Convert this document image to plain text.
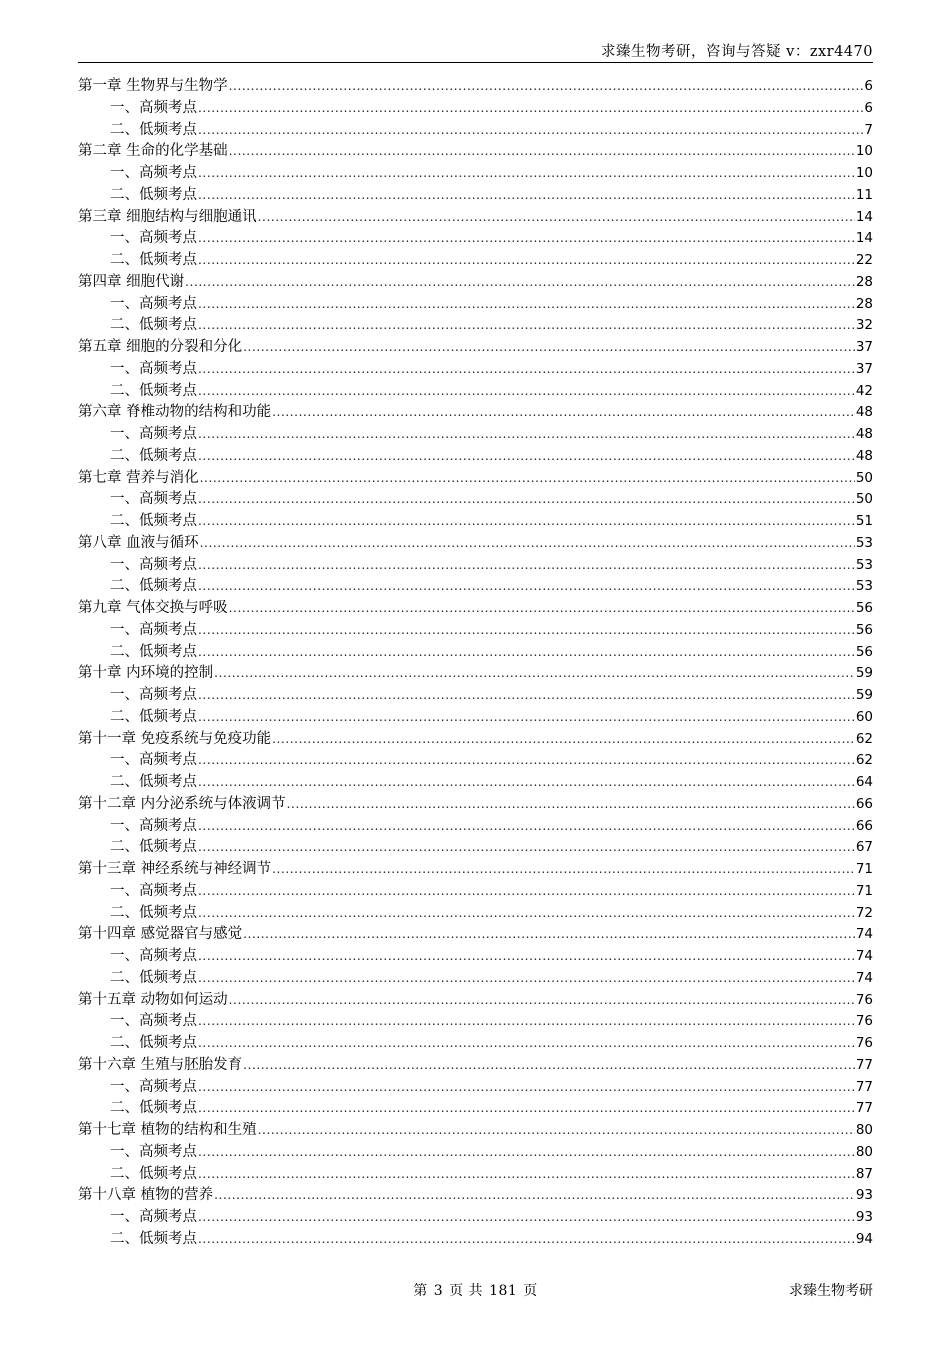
求臻生物考研，咨询与答疑 v：zxr4470
第一章 生物界与生物学 .....	6
一、高频考点 .....	6
二、低频考点 .....	7
第二章 生命的化学基础 .....	10
一、高频考点 .....	10
二、低频考点 .....	11
第三章 细胞结构与细胞通讯 .....	14
一、高频考点 .....	14
二、低频考点 .....	22
第四章 细胞代谢 .....	28
一、高频考点 .....	28
二、低频考点 .....	32
第五章 细胞的分裂和分化 .....	37
一、高频考点 .....	37
二、低频考点 .....	42
第六章 脊椎动物的结构和功能 .....	48
一、高频考点 .....	48
二、低频考点 .....	48
第七章 营养与消化 .....	50
一、高频考点 .....	50
二、低频考点 .....	51
第八章 血液与循环 .....	53
一、高频考点 .....	53
二、低频考点 .....	53
第九章 气体交换与呼吸 .....	56
一、高频考点 .....	56
二、低频考点 .....	56
第十章 内环境的控制 .....	59
一、高频考点 .....	59
二、低频考点 .....	60
第十一章 免疫系统与免疫功能 .....	62
一、高频考点 .....	62
二、低频考点 .....	64
第十二章 内分泌系统与体液调节 .....	66
一、高频考点 .....	66
二、低频考点 .....	67
第十三章 神经系统与神经调节 .....	71
一、高频考点 .....	71
二、低频考点 .....	72
第十四章 感觉器官与感觉 .....	74
一、高频考点 .....	74
二、低频考点 .....	74
第十五章 动物如何运动 .....	76
一、高频考点 .....	76
二、低频考点 .....	76
第十六章 生殖与胚胎发育 .....	77
一、高频考点 .....	77
二、低频考点 .....	77
第十七章 植物的结构和生殖 .....	80
一、高频考点 .....	80
二、低频考点 .....	87
第十八章 植物的营养 .....	93
一、高频考点 .....	93
二、低频考点 .....	94
第 3 页 共 181 页	求臻生物考研
